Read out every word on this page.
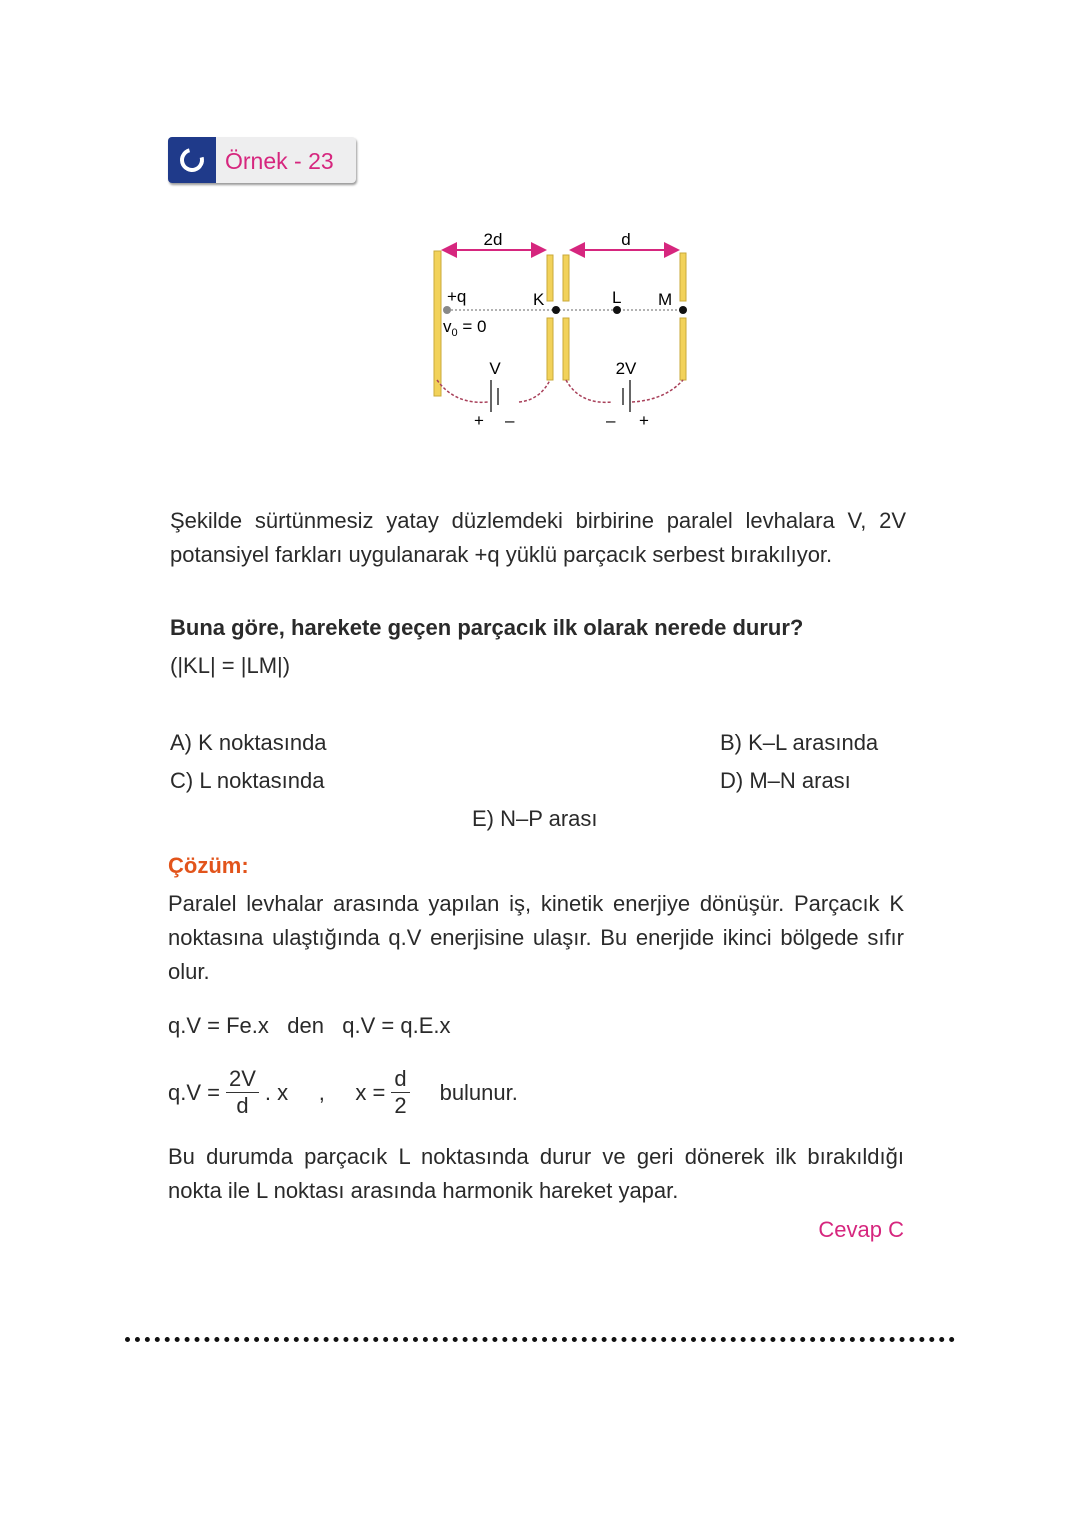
Örnek - 23
2d	d
+q
$v_0 = 0$
K	L M
V	2V
+ –	– +
Şekilde sürtünmesiz yatay düzlemdeki birbirine paralel levhalara V, 2V potansiyel farkları uygulanarak +q yüklü parçacık serbest bırakılıyor.
Buna göre, harekete geçen parçacık ilk olarak nerede durur?
(|KL| = |LM|)
A) K noktasında	B) K–L arasında
C) L noktasında	D) M–N arası
E) N–P arası
Çözüm:
Paralel levhalar arasında yapılan iş, kinetik enerjiye dönüşür. Parçacık K noktasına ulaştığında q.V enerjisine ulaşır. Bu enerjide ikinci bölgede sıfır olur.
q.V = Fe.x   den   q.V = q.E.x
$q.V = \frac{2V}{d}$ . x     ,     $x = \frac{d}{2}$ bulunur.
Bu durumda parçacık L noktasında durur ve geri dönerek ilk bırakıldığı nokta ile L noktası arasında harmonik hareket yapar.
Cevap C
